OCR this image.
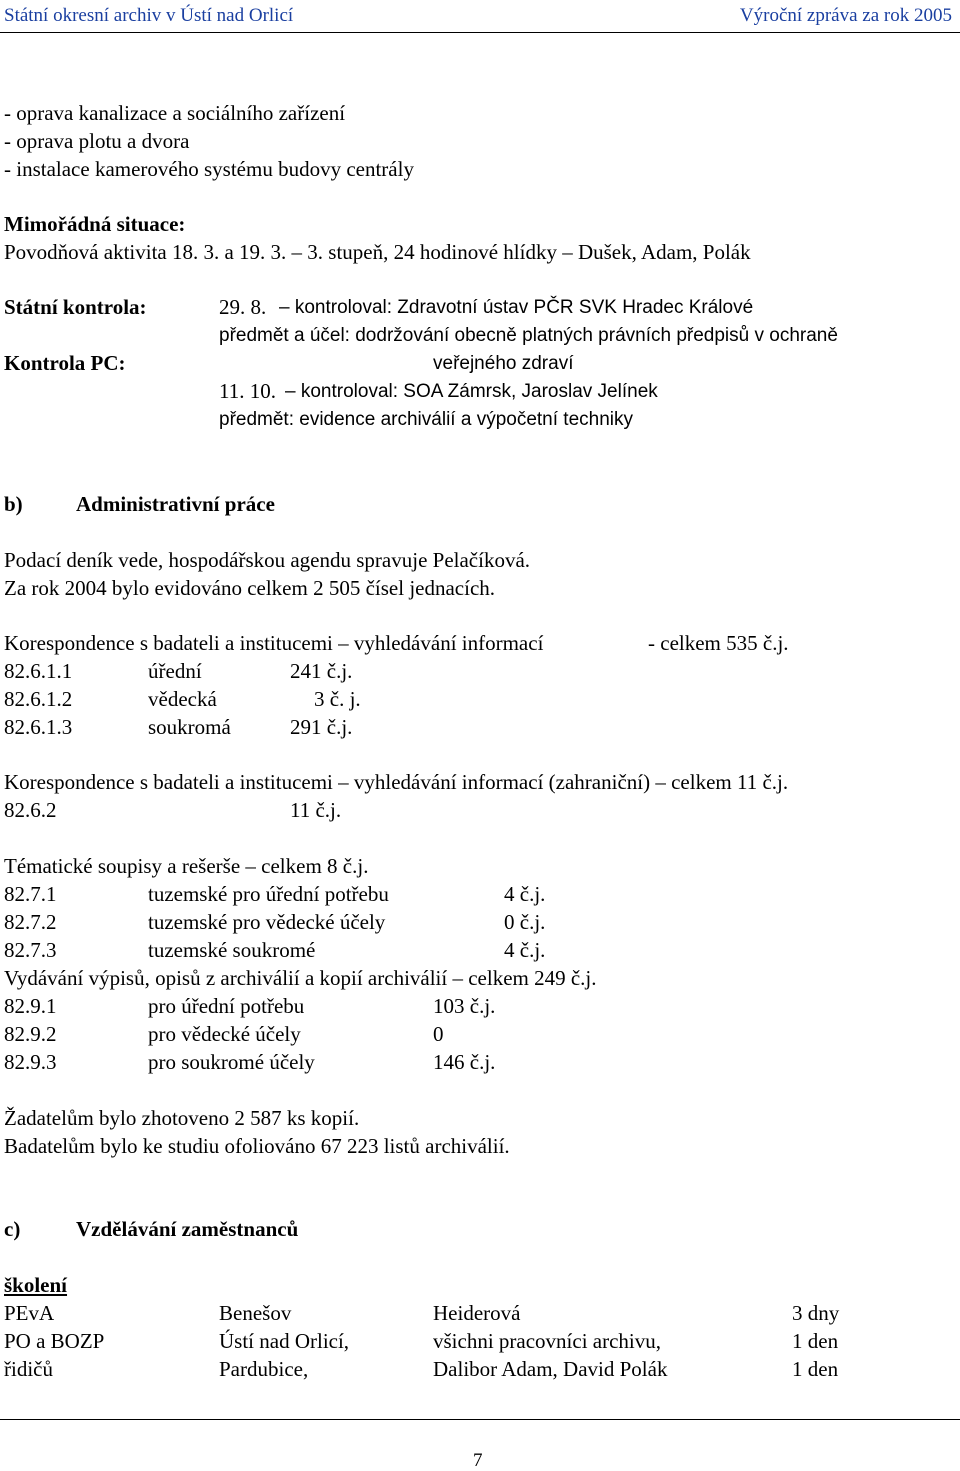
Státní okresní archiv v Ústí nad Orlicí	Výroční zpráva za rok 2005
- oprava kanalizace a sociálního zařízení
- oprava plotu a dvora
- instalace kamerového systému budovy centrály
Mimořádná situace:
Povodňová aktivita 18. 3. a 19. 3. – 3. stupeň, 24 hodinové hlídky – Dušek, Adam, Polák
Státní kontrola:	29. 8. – kontroloval: Zdravotní ústav PČR SVK Hradec Králové
předmět a účel: dodržování obecně platných právních předpisů v ochraně
veřejného zdraví
Kontrola PC:
11. 10. – kontroloval: SOA Zámrsk, Jaroslav Jelínek
předmět: evidence archiválií a výpočetní techniky
b)	Administrativní práce
Podací deník vede, hospodářskou agendu spravuje Pelačíková.
Za rok 2004 bylo evidováno celkem 2 505 čísel jednacích.
Korespondence s badateli a institucemi – vyhledávání informací	- celkem 535 č.j.
82.6.1.1	úřední	241 č.j.
82.6.1.2	vědecká	3 č. j.
82.6.1.3	soukromá	291 č.j.
Korespondence s badateli a institucemi – vyhledávání informací (zahraniční) – celkem 11 č.j.
82.6.2	11 č.j.
Tématické soupisy a rešerše – celkem 8 č.j.
82.7.1	tuzemské pro úřední potřebu	4 č.j.
82.7.2	tuzemské pro vědecké účely	0 č.j.
82.7.3	tuzemské soukromé	4 č.j.
Vydávání výpisů, opisů z archiválií a kopií archiválií – celkem 249 č.j.
82.9.1	pro úřední potřebu	103 č.j.
82.9.2	pro vědecké účely	0
82.9.3	pro soukromé účely	146 č.j.
Žadatelům bylo zhotoveno 2 587 ks kopií.
Badatelům bylo ke studiu ofoliováno 67 223 listů archiválií.
c)	Vzdělávání zaměstnanců
školení
PEvA	Benešov	Heiderová	3 dny
PO a BOZP	Ústí nad Orlicí,	všichni pracovníci archivu,	1 den
řidičů	Pardubice,	Dalibor Adam, David Polák	1 den
7
